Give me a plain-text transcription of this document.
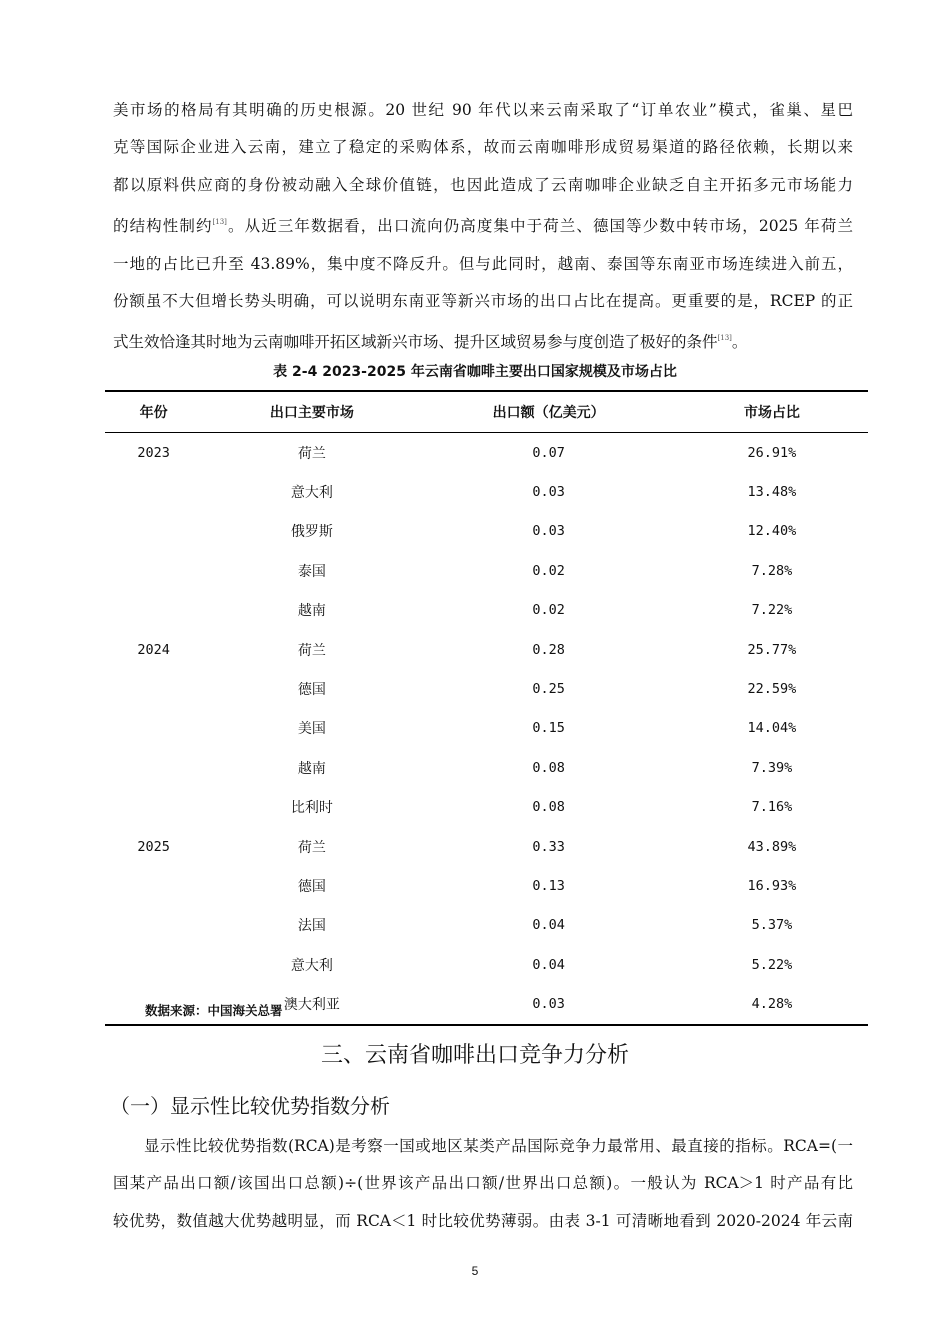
美市场的格局有其明确的历史根源。20 世纪 90 年代以来云南采取了“订单农业”模式，雀巢、星巴
克等国际企业进入云南，建立了稳定的采购体系，故而云南咖啡形成贸易渠道的路径依赖，长期以来
都以原料供应商的身份被动融入全球价值链，也因此造成了云南咖啡企业缺乏自主开拓多元市场能力
的结构性制约[13]。从近三年数据看，出口流向仍高度集中于荷兰、德国等少数中转市场，2025 年荷兰
一地的占比已升至 43.89%，集中度不降反升。但与此同时，越南、泰国等东南亚市场连续进入前五，
份额虽不大但增长势头明确，可以说明东南亚等新兴市场的出口占比在提高。更重要的是，RCEP 的正
式生效恰逢其时地为云南咖啡开拓区域新兴市场、提升区域贸易参与度创造了极好的条件[13]。
表 2-4 2023-2025 年云南省咖啡主要出口国家规模及市场占比
年份	出口主要市场	出口额（亿美元）	市场占比
2023	荷兰	0.07	26.91%
	意大利	0.03	13.48%
	俄罗斯	0.03	12.40%
	泰国	0.02	7.28%
	越南	0.02	7.22%
2024	荷兰	0.28	25.77%
	德国	0.25	22.59%
	美国	0.15	14.04%
	越南	0.08	7.39%
	比利时	0.08	7.16%
2025	荷兰	0.33	43.89%
	德国	0.13	16.93%
	法国	0.04	5.37%
	意大利	0.04	5.22%
	澳大利亚	0.03	4.28%
数据来源：中国海关总署
三、云南省咖啡出口竞争力分析
（一）显示性比较优势指数分析
显示性比较优势指数(RCA)是考察一国或地区某类产品国际竞争力最常用、最直接的指标。RCA=(一
国某产品出口额/该国出口总额)÷(世界该产品出口额/世界出口总额)。一般认为 RCA＞1 时产品有比
较优势，数值越大优势越明显，而 RCA＜1 时比较优势薄弱。由表 3-1 可清晰地看到 2020-2024 年云南
5
